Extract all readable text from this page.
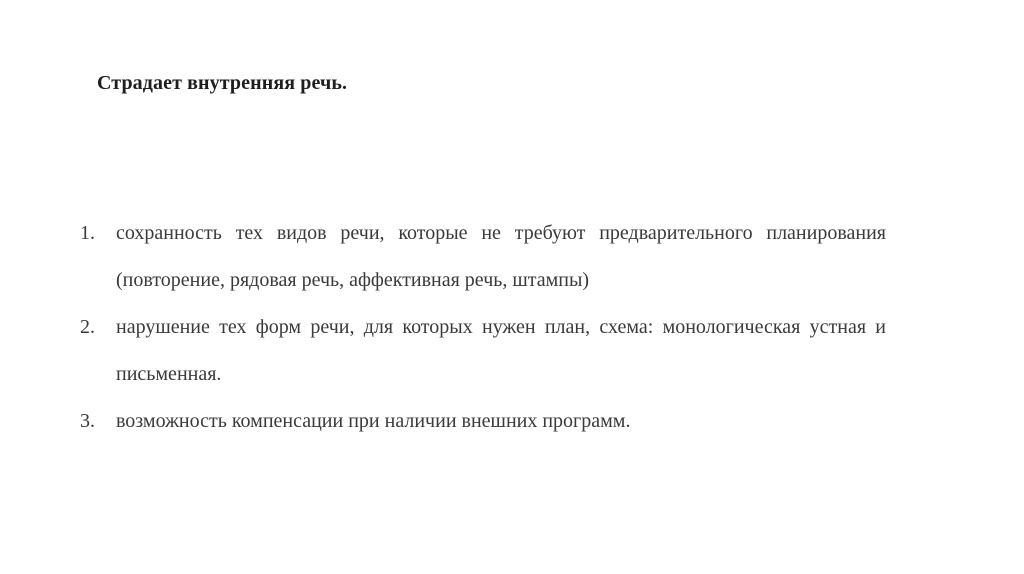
Страдает внутренняя речь.
1.	сохранность тех видов речи, которые не требуют предварительного планирования (повторение, рядовая речь, аффективная речь, штампы)
2.	нарушение тех форм речи, для которых нужен план, схема: монологическая устная и письменная.
3.	возможность компенсации при наличии внешних программ.
